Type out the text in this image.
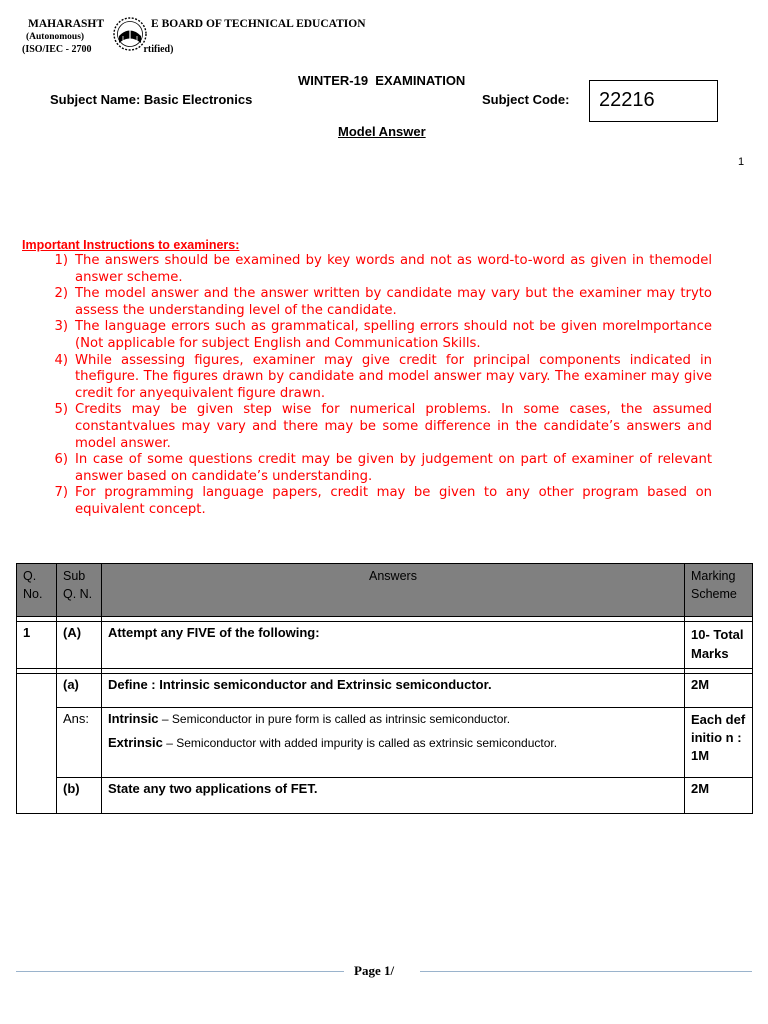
MAHARASHT	E BOARD OF TECHNICAL EDUCATION
(Autonomous)
(ISO/IEC - 2700	rtified)
WINTER-19  EXAMINATION
Subject Name: Basic Electronics	Subject Code:	22216
Model Answer
1
Important Instructions to examiners:
1) The answers should be examined by key words and not as word-to-word as given in themodel answer scheme.
2) The model answer and the answer written by candidate may vary but the examiner may tryto assess the understanding level of the candidate.
3) The language errors such as grammatical, spelling errors should not be given moreImportance (Not applicable for subject English and Communication Skills.
4) While assessing figures, examiner may give credit for principal components indicated in thefigure. The figures drawn by candidate and model answer may vary. The examiner may give credit for anyequivalent figure drawn.
5) Credits may be given step wise for numerical problems. In some cases, the assumed constantvalues may vary and there may be some difference in the candidate’s answers and model answer.
6) In case of some questions credit may be given by judgement on part of examiner of relevant answer based on candidate’s understanding.
7) For programming language papers, credit may be given to any other program based on equivalent concept.
Q. No.	Sub Q. N.	Answers	Marking Scheme

1	(A)	Attempt any FIVE of the following:	10- Total Marks

	(a)	Define : Intrinsic semiconductor and Extrinsic semiconductor.	2M
	Ans:	Intrinsic – Semiconductor in pure form is called as intrinsic semiconductor.
Extrinsic – Semiconductor with added impurity is called as extrinsic semiconductor.	Each definitio n : 1M
	(b)	State any two applications of FET.	2M
Page 1/
